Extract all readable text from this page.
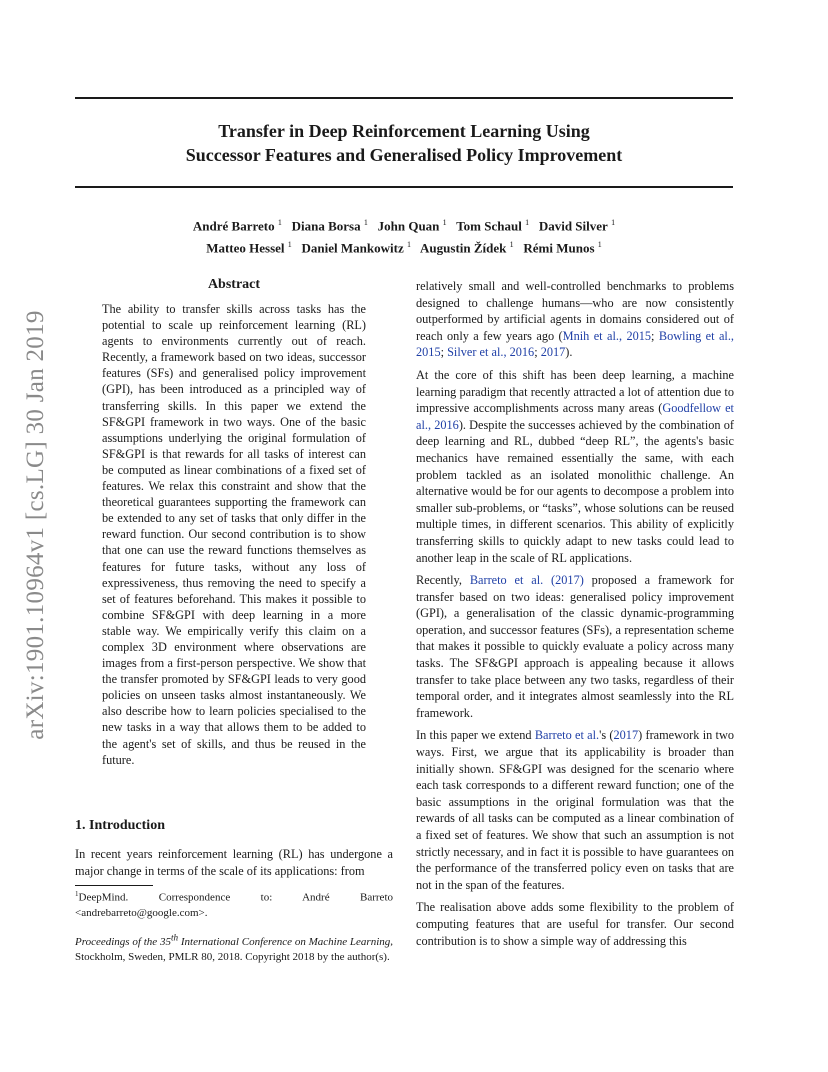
Transfer in Deep Reinforcement Learning Using
Successor Features and Generalised Policy Improvement
André Barreto $^1$ Diana Borsa $^1$ John Quan $^1$ Tom Schaul $^1$ David Silver $^1$
Matteo Hessel $^1$ Daniel Mankowitz $^1$ Augustin Žídek $^1$ Rémi Munos $^1$
arXiv:1901.10964v1 [cs.LG] 30 Jan 2019
Abstract
The ability to transfer skills across tasks has the potential to scale up reinforcement learning (RL) agents to environments currently out of reach. Recently, a framework based on two ideas, successor features (SFs) and generalised policy improvement (GPI), has been introduced as a principled way of transferring skills. In this paper we extend the SF&GPI framework in two ways. One of the basic assumptions underlying the original formulation of SF&GPI is that rewards for all tasks of interest can be computed as linear combinations of a fixed set of features. We relax this constraint and show that the theoretical guarantees supporting the framework can be extended to any set of tasks that only differ in the reward function. Our second contribution is to show that one can use the reward functions themselves as features for future tasks, without any loss of expressiveness, thus removing the need to specify a set of features beforehand. This makes it possible to combine SF&GPI with deep learning in a more stable way. We empirically verify this claim on a complex 3D environment where observations are images from a first-person perspective. We show that the transfer promoted by SF&GPI leads to very good policies on unseen tasks almost instantaneously. We also describe how to learn policies specialised to the new tasks in a way that allows them to be added to the agent's set of skills, and thus be reused in the future.
1. Introduction
In recent years reinforcement learning (RL) has undergone a major change in terms of the scale of its applications: from
$^1$DeepMind. Correspondence to: André Barreto <andrebarreto@google.com>.
Proceedings of the 35th International Conference on Machine Learning, Stockholm, Sweden, PMLR 80, 2018. Copyright 2018 by the author(s).

relatively small and well-controlled benchmarks to problems designed to challenge humans—who are now consistently outperformed by artificial agents in domains considered out of reach only a few years ago (Mnih et al., 2015; Bowling et al., 2015; Silver et al., 2016; 2017).

At the core of this shift has been deep learning, a machine learning paradigm that recently attracted a lot of attention due to impressive accomplishments across many areas (Goodfellow et al., 2016). Despite the successes achieved by the combination of deep learning and RL, dubbed “deep RL”, the agents's basic mechanics have remained essentially the same, with each problem tackled as an isolated monolithic challenge. An alternative would be for our agents to decompose a problem into smaller sub-problems, or “tasks”, whose solutions can be reused multiple times, in different scenarios. This ability of explicitly transferring skills to quickly adapt to new tasks could lead to another leap in the scale of RL applications.

Recently, Barreto et al. (2017) proposed a framework for transfer based on two ideas: generalised policy improvement (GPI), a generalisation of the classic dynamic-programming operation, and successor features (SFs), a representation scheme that makes it possible to quickly evaluate a policy across many tasks. The SF&GPI approach is appealing because it allows transfer to take place between any two tasks, regardless of their temporal order, and it integrates almost seamlessly into the RL framework.

In this paper we extend Barreto et al.'s (2017) framework in two ways. First, we argue that its applicability is broader than initially shown. SF&GPI was designed for the scenario where each task corresponds to a different reward function; one of the basic assumptions in the original formulation was that the rewards of all tasks can be computed as a linear combination of a fixed set of features. We show that such an assumption is not strictly necessary, and in fact it is possible to have guarantees on the performance of the transferred policy even on tasks that are not in the span of the features.

The realisation above adds some flexibility to the problem of computing features that are useful for transfer. Our second contribution is to show a simple way of addressing this
